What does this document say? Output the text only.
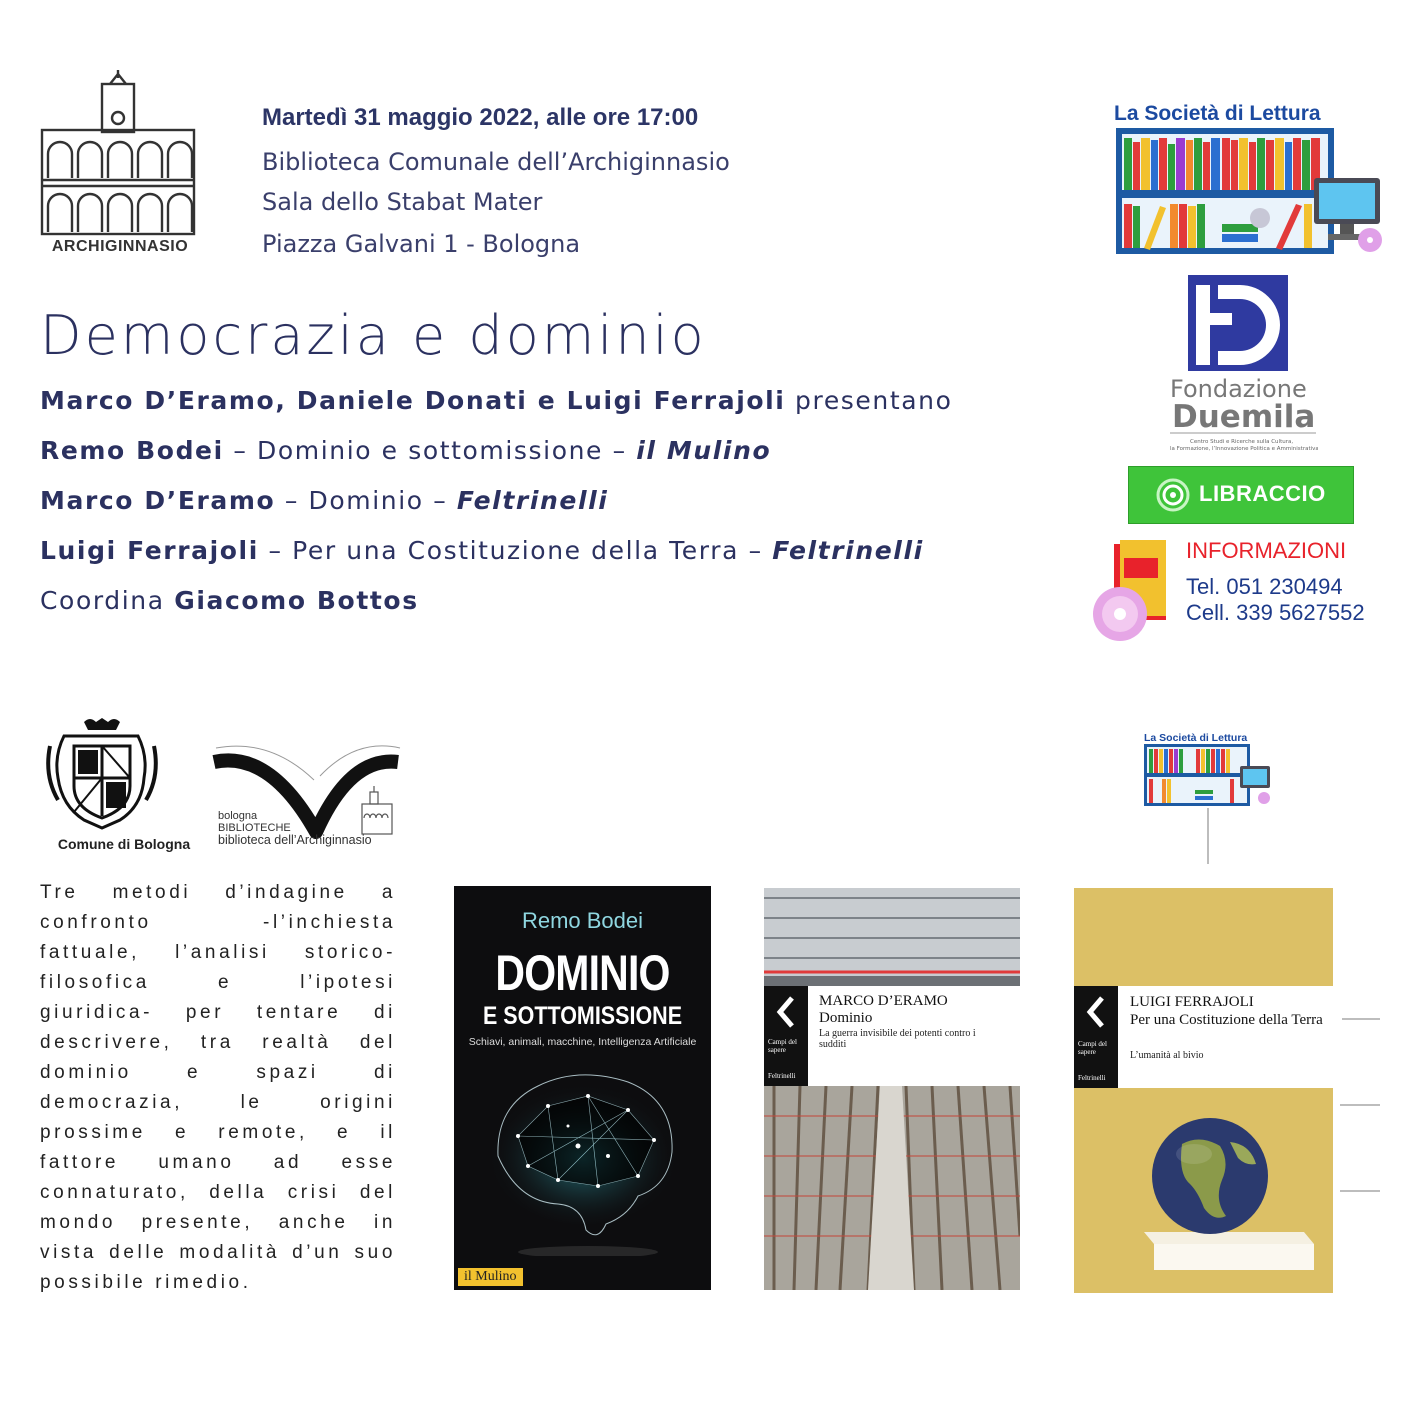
ARCHIGINNASIO
Martedì 31 maggio 2022, alle ore 17:00
Biblioteca Comunale dell’Archiginnasio
Sala dello Stabat Mater
Piazza Galvani 1 - Bologna
Democrazia e dominio
Marco D’Eramo, Daniele Donati e Luigi Ferrajoli presentano
Remo Bodei – Dominio e sottomissione – il Mulino
Marco D’Eramo – Dominio – Feltrinelli
Luigi Ferrajoli – Per una Costituzione della Terra – Feltrinelli
Coordina Giacomo Bottos
La Società di Lettura
Fondazione
Duemila
Centro Studi e Ricerche sulla Cultura,
la Formazione, l’Innovazione Politica e Amministrativa
LIBRACCIO
INFORMAZIONI
Tel. 051 230494
Cell. 339 5627552
Comune di Bologna
bologna
BIBLIOTECHE
biblioteca dell’Archiginnasio
La Società di Lettura
Tre metodi d’indagine a confronto -l’inchiesta fattuale, l’analisi storico-filosofica e l’ipotesi giuridica- per tentare di descrivere, tra realtà del dominio e spazi di democrazia, le origini prossime e remote, e il fattore umano ad esse connaturato, della crisi del mondo presente, anche in vista delle modalità d’un suo possibile rimedio.
Remo Bodei
DOMINIO
E SOTTOMISSIONE
Schiavi, animali, macchine, Intelligenza Artificiale
il Mulino
MARCO D’ERAMO
Dominio
La guerra invisibile dei potenti contro i sudditi
Campi del sapere
Feltrinelli
LUIGI FERRAJOLI
Per una Costituzione della Terra
L’umanità al bivio
Campi del sapere
Feltrinelli
